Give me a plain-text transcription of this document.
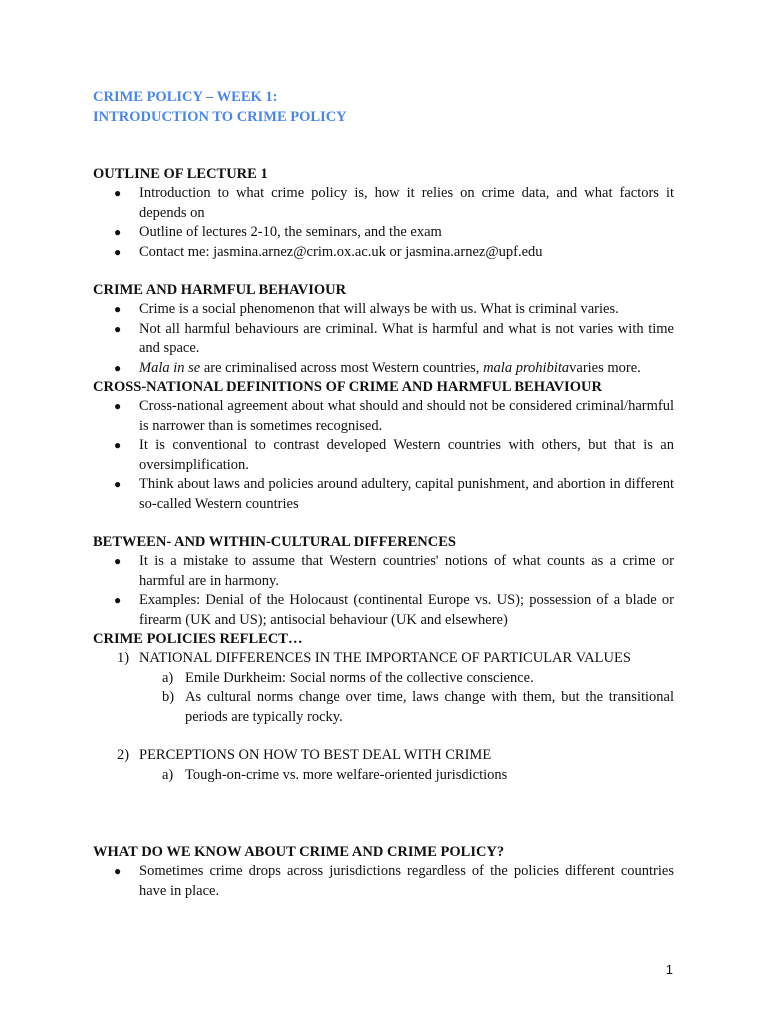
CRIME POLICY – WEEK 1:
INTRODUCTION TO CRIME POLICY
OUTLINE OF LECTURE 1
● Introduction to what crime policy is, how it relies on crime data, and what factors it depends on
● Outline of lectures 2-10, the seminars, and the exam
● Contact me: jasmina.arnez@crim.ox.ac.uk or jasmina.arnez@upf.edu
CRIME AND HARMFUL BEHAVIOUR
● Crime is a social phenomenon that will always be with us. What is criminal varies.
● Not all harmful behaviours are criminal. What is harmful and what is not varies with time and space.
● Mala in se are criminalised across most Western countries, mala prohibitavaries more.
CROSS-NATIONAL DEFINITIONS OF CRIME AND HARMFUL BEHAVIOUR
● Cross-national agreement about what should and should not be considered criminal/harmful is narrower than is sometimes recognised.
● It is conventional to contrast developed Western countries with others, but that is an oversimplification.
● Think about laws and policies around adultery, capital punishment, and abortion in different so-called Western countries
BETWEEN- AND WITHIN-CULTURAL DIFFERENCES
● It is a mistake to assume that Western countries' notions of what counts as a crime or harmful are in harmony.
● Examples: Denial of the Holocaust (continental Europe vs. US); possession of a blade or firearm (UK and US); antisocial behaviour (UK and elsewhere)
CRIME POLICIES REFLECT…
1) NATIONAL DIFFERENCES IN THE IMPORTANCE OF PARTICULAR VALUES
a) Emile Durkheim: Social norms of the collective conscience.
b) As cultural norms change over time, laws change with them, but the transitional periods are typically rocky.
2) PERCEPTIONS ON HOW TO BEST DEAL WITH CRIME
a) Tough-on-crime vs. more welfare-oriented jurisdictions
WHAT DO WE KNOW ABOUT CRIME AND CRIME POLICY?
● Sometimes crime drops across jurisdictions regardless of the policies different countries have in place.
1
